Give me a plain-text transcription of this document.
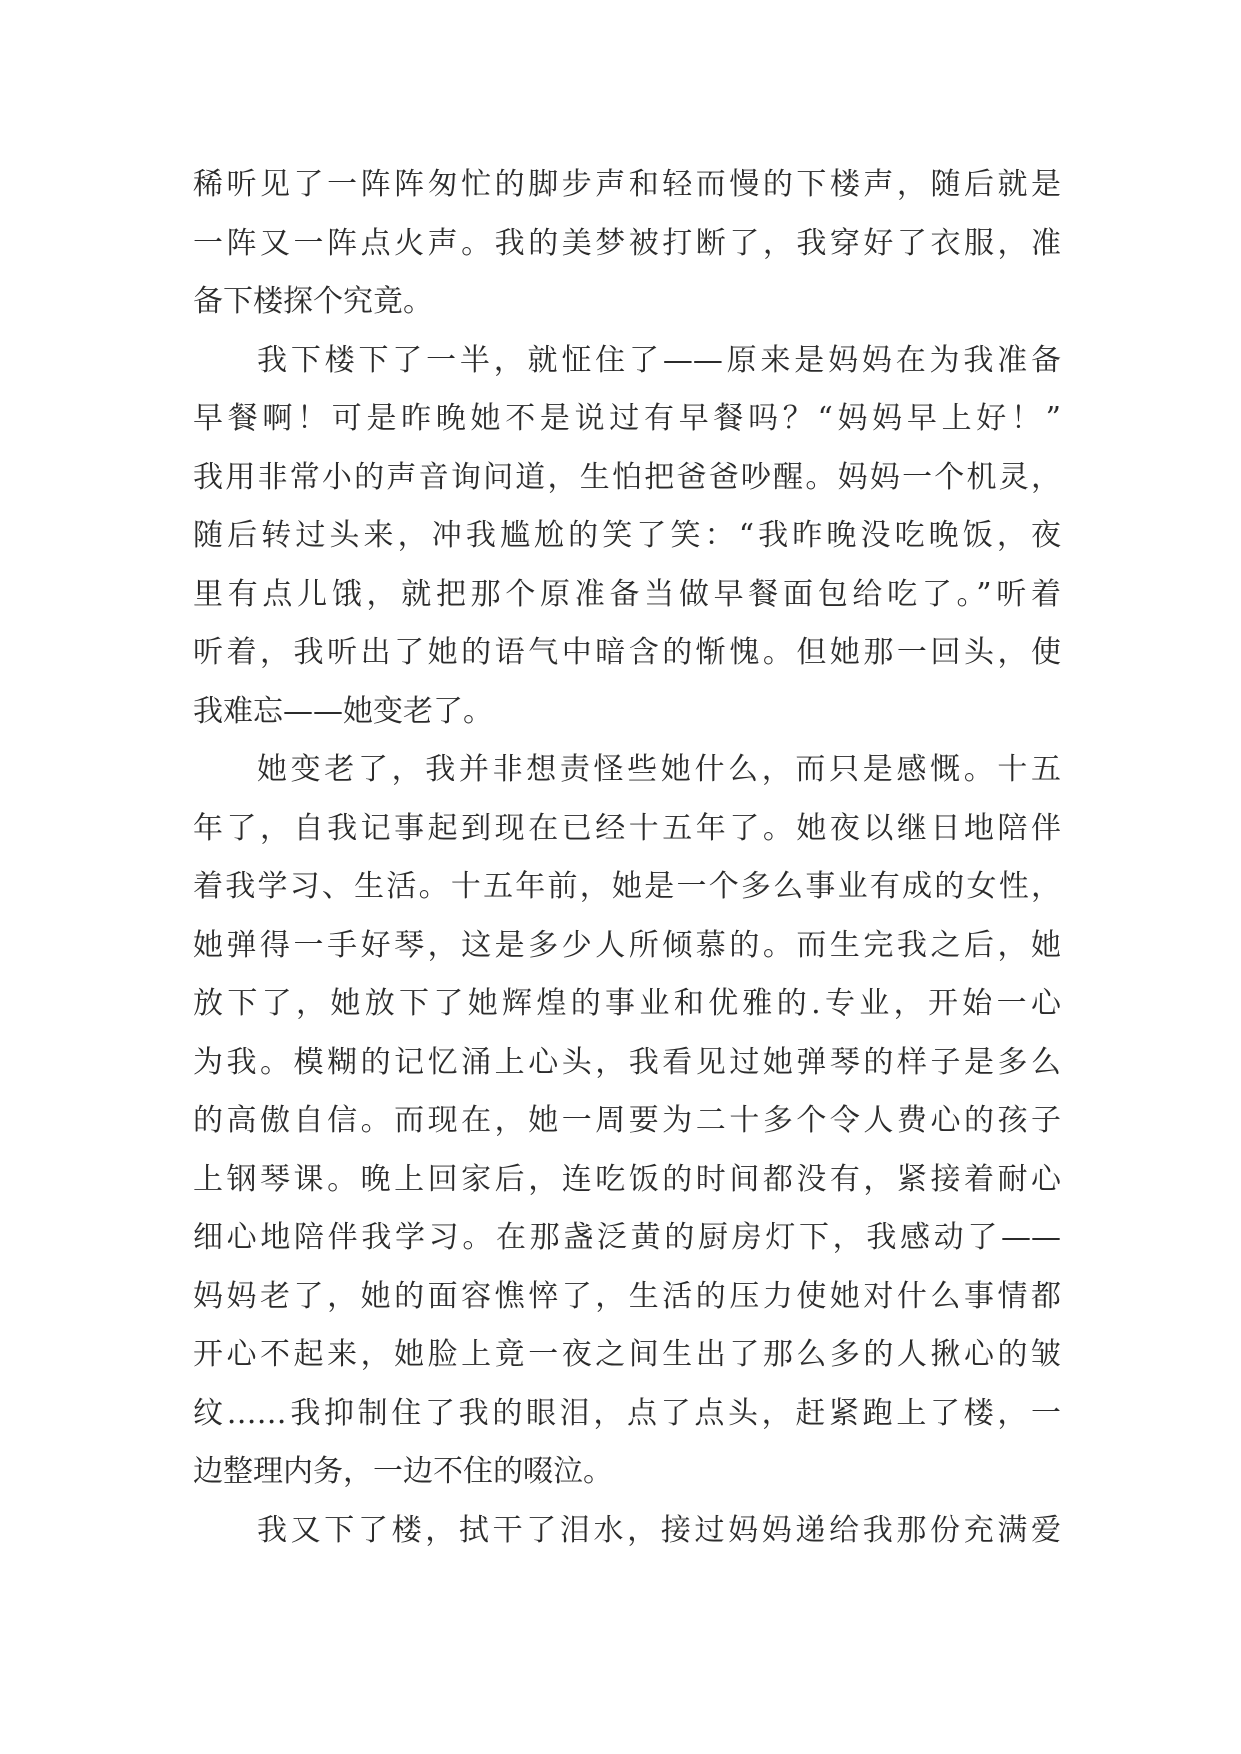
稀听见了一阵阵匆忙的脚步声和轻而慢的下楼声，随后就是
一阵又一阵点火声。我的美梦被打断了，我穿好了衣服，准
备下楼探个究竟。
我下楼下了一半，就怔住了——原来是妈妈在为我准备
早餐啊！可是昨晚她不是说过有早餐吗？“妈妈早上好！”
我用非常小的声音询问道，生怕把爸爸吵醒。妈妈一个机灵，
随后转过头来，冲我尴尬的笑了笑：“我昨晚没吃晚饭，夜
里有点儿饿，就把那个原准备当做早餐面包给吃了。”听着
听着，我听出了她的语气中暗含的惭愧。但她那一回头，使
我难忘——她变老了。
她变老了，我并非想责怪些她什么，而只是感慨。十五
年了，自我记事起到现在已经十五年了。她夜以继日地陪伴
着我学习、生活。十五年前，她是一个多么事业有成的女性，
她弹得一手好琴，这是多少人所倾慕的。而生完我之后，她
放下了，她放下了她辉煌的事业和优雅的.专业，开始一心
为我。模糊的记忆涌上心头，我看见过她弹琴的样子是多么
的高傲自信。而现在，她一周要为二十多个令人费心的孩子
上钢琴课。晚上回家后，连吃饭的时间都没有，紧接着耐心
细心地陪伴我学习。在那盏泛黄的厨房灯下，我感动了——
妈妈老了，她的面容憔悴了，生活的压力使她对什么事情都
开心不起来，她脸上竟一夜之间生出了那么多的人揪心的皱
纹……我抑制住了我的眼泪，点了点头，赶紧跑上了楼，一
边整理内务，一边不住的啜泣。
我又下了楼，拭干了泪水，接过妈妈递给我那份充满爱
